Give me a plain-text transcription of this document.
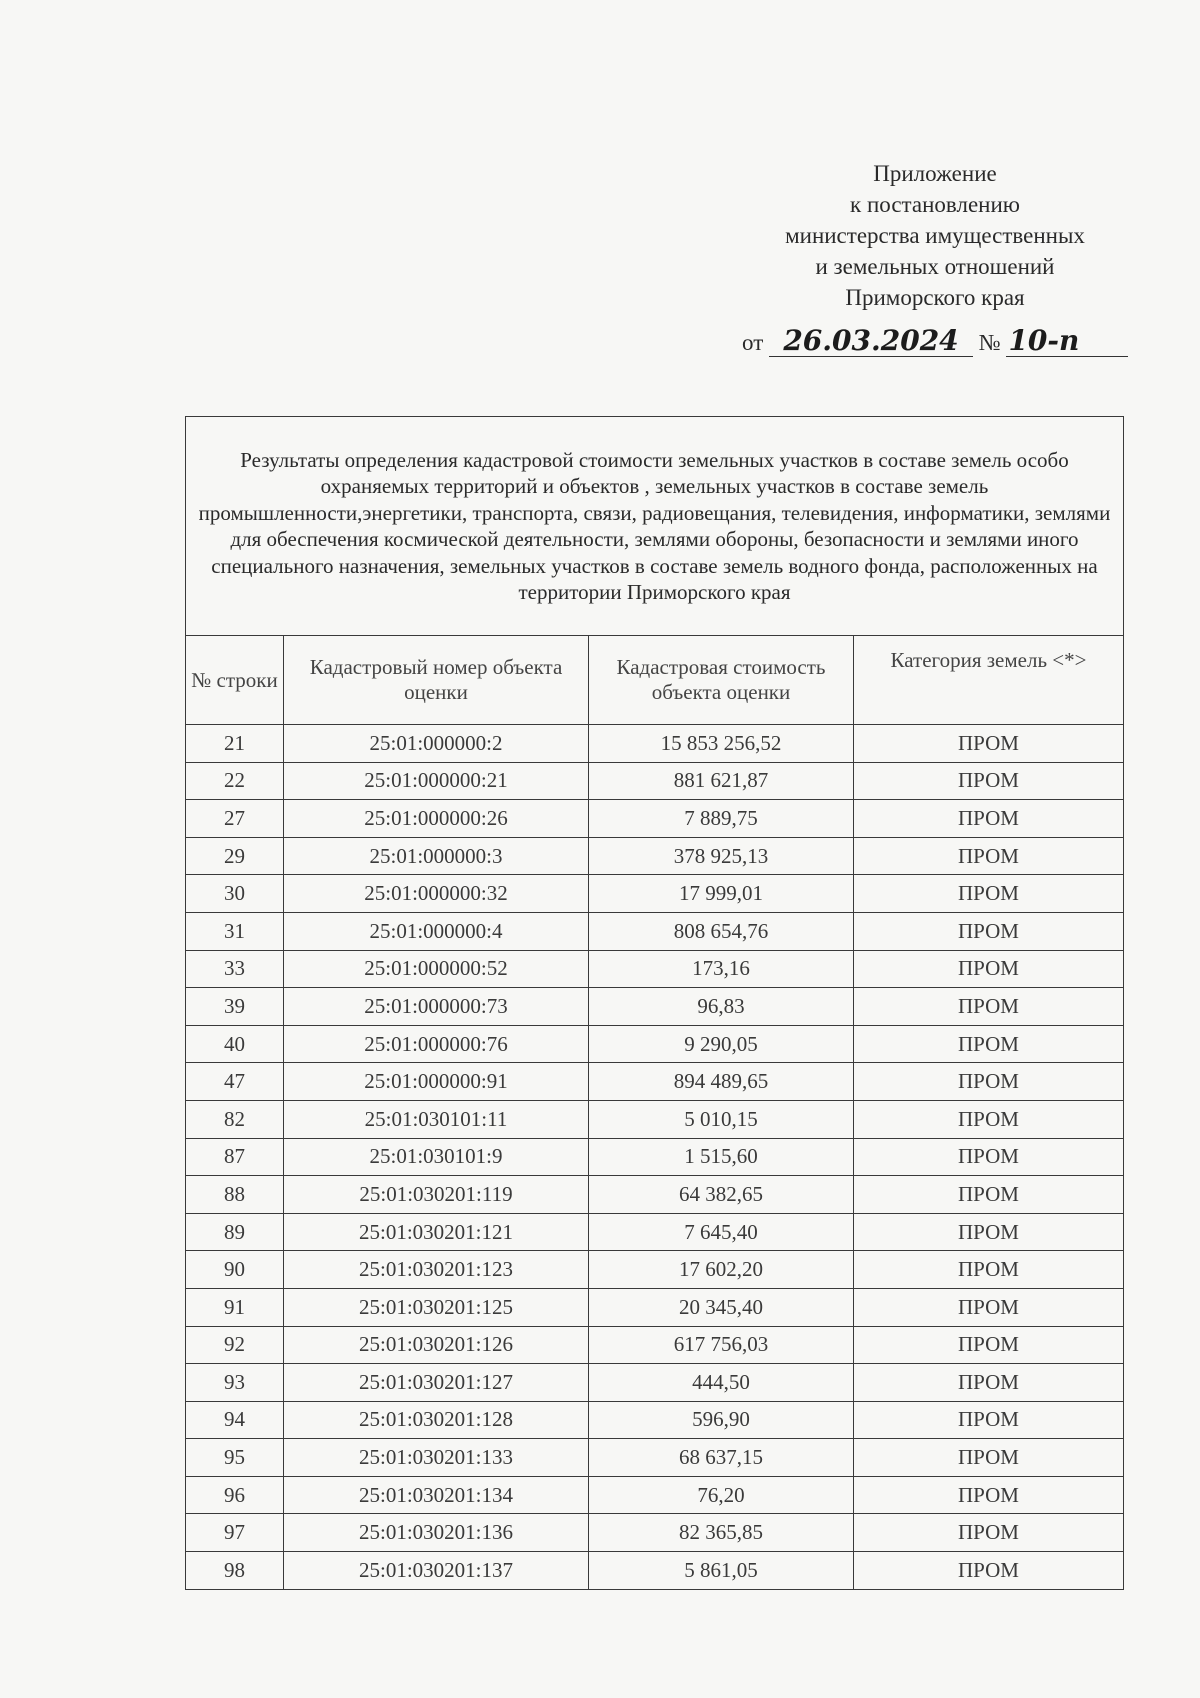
Приложение
к постановлению
министерства имущественных
и земельных отношений
Приморского края
от 26.03.2024 № 10-п
Результаты определения кадастровой стоимости земельных участков в составе земель особо охраняемых территорий и объектов , земельных участков в составе земель промышленности,энергетики, транспорта, связи, радиовещания, телевидения, информатики, землями для обеспечения космической деятельности, землями обороны, безопасности и землями иного специального назначения, земельных участков в составе земель водного фонда, расположенных на территории Приморского края			
№ строки	Кадастровый номер объекта оценки	Кадастровая стоимость объекта оценки	Категория земель <*>
21	25:01:000000:2	15 853 256,52	ПРОМ
22	25:01:000000:21	881 621,87	ПРОМ
27	25:01:000000:26	7 889,75	ПРОМ
29	25:01:000000:3	378 925,13	ПРОМ
30	25:01:000000:32	17 999,01	ПРОМ
31	25:01:000000:4	808 654,76	ПРОМ
33	25:01:000000:52	173,16	ПРОМ
39	25:01:000000:73	96,83	ПРОМ
40	25:01:000000:76	9 290,05	ПРОМ
47	25:01:000000:91	894 489,65	ПРОМ
82	25:01:030101:11	5 010,15	ПРОМ
87	25:01:030101:9	1 515,60	ПРОМ
88	25:01:030201:119	64 382,65	ПРОМ
89	25:01:030201:121	7 645,40	ПРОМ
90	25:01:030201:123	17 602,20	ПРОМ
91	25:01:030201:125	20 345,40	ПРОМ
92	25:01:030201:126	617 756,03	ПРОМ
93	25:01:030201:127	444,50	ПРОМ
94	25:01:030201:128	596,90	ПРОМ
95	25:01:030201:133	68 637,15	ПРОМ
96	25:01:030201:134	76,20	ПРОМ
97	25:01:030201:136	82 365,85	ПРОМ
98	25:01:030201:137	5 861,05	ПРОМ
